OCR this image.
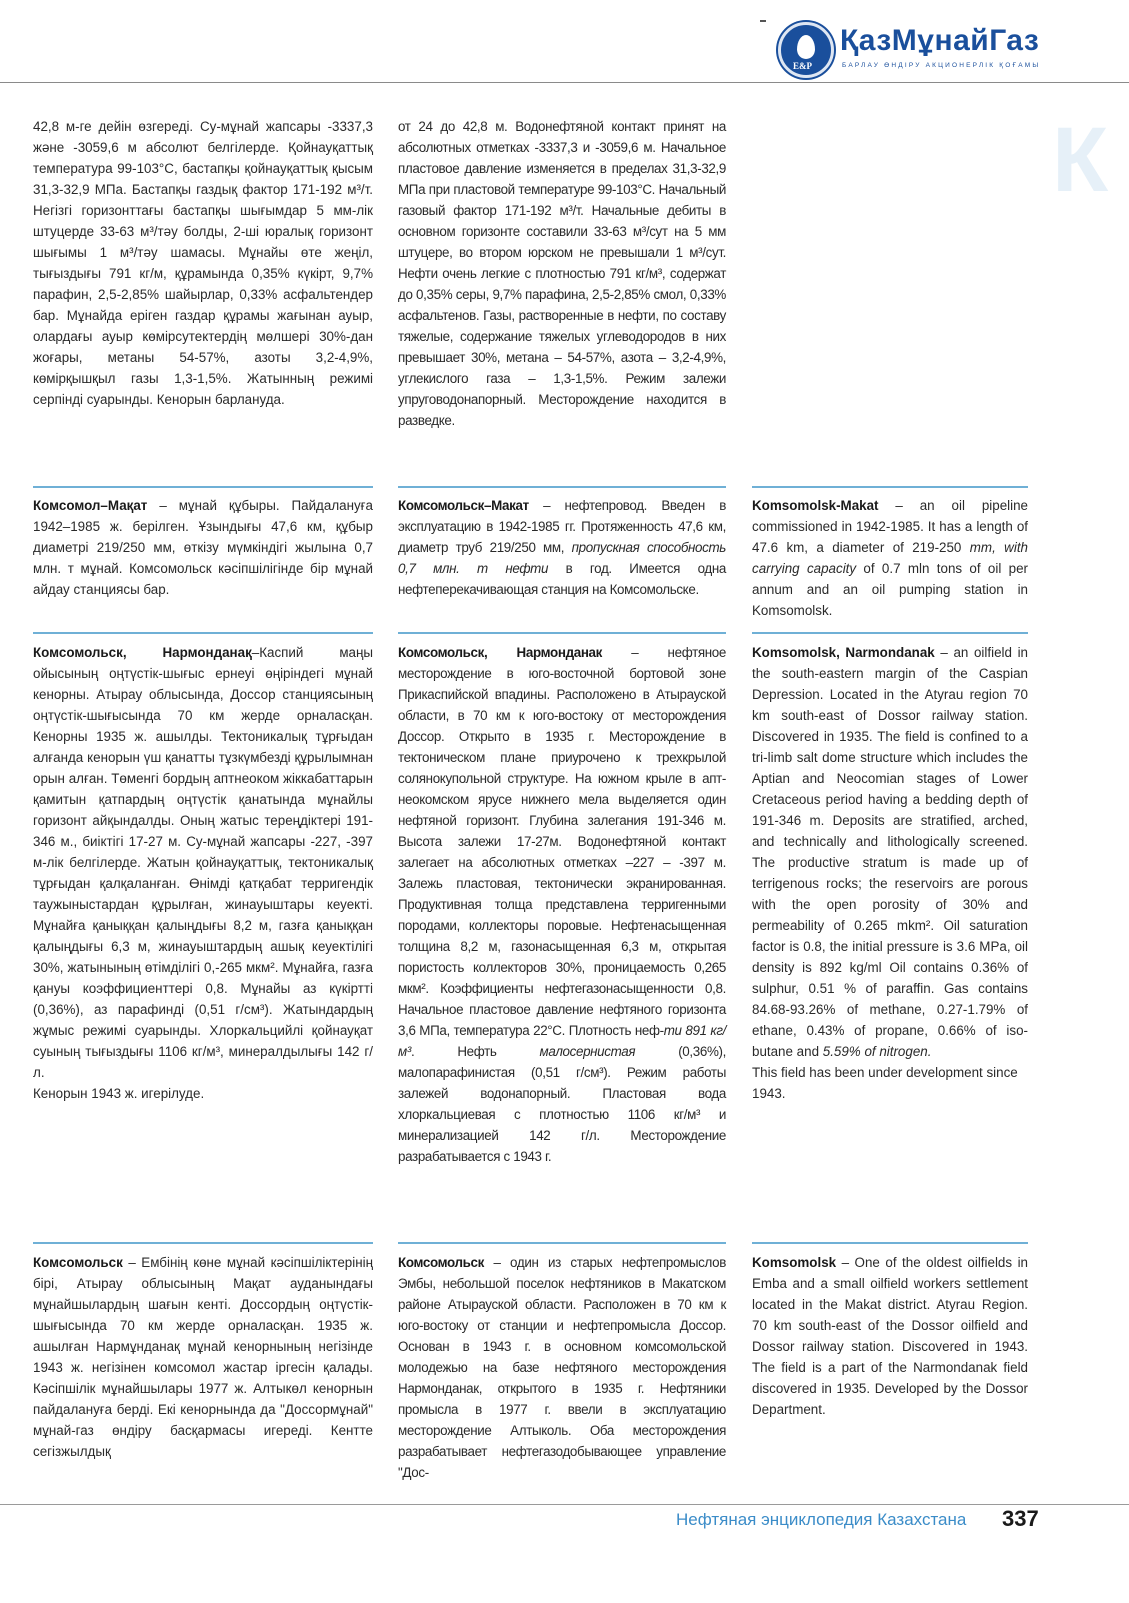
E&P
ҚазМұнайГаз
БАРЛАУ ӨНДІРУ АКЦИОНЕРЛІК ҚОҒАМЫ
К

42,8 м-ге дейін өзгереді. Су-мұнай жапсары -3337,3 және -3059,6 м абсолют белгілерде. Қойнауқаттық температура 99-103°С, бастапқы қойнауқаттық қысым 31,3-32,9 МПа. Бастапқы газдық фактор 171-192 м³/т. Негізгі горизонттағы бастапқы шығымдар 5 мм-лік штуцерде 33-63 м³/тәу болды, 2-ші юралық горизонт шығымы 1 м³/тәу шамасы. Мұнайы өте жеңіл, тығыздығы 791 кг/м, құрамында 0,35% күкірт, 9,7% парафин, 2,5-2,85% шайырлар, 0,33% асфальтендер бар. Мұнайда еріген газдар құрамы жағынан ауыр, олардағы ауыр көмірсутектердің мөлшері 30%-дан жоғары, метаны 54-57%, азоты 3,2-4,9%, көмірқышқыл газы 1,3-1,5%. Жатынның режимі серпінді суарынды. Кенорын барлануда.

от 24 до 42,8 м. Водонефтяной контакт принят на абсолютных отметках -3337,3 и -3059,6 м. Начальное пластовое давление изменяется в пределах 31,3-32,9 МПа при пластовой температуре 99-103°С. Начальный газовый фактор 171-192 м³/т. Начальные дебиты в основном горизонте составили 33-63 м³/сут на 5 мм штуцере, во втором юрском не превышали 1 м³/сут. Нефти очень легкие с плотностью 791 кг/м³, содержат до 0,35% серы, 9,7% парафина, 2,5-2,85% смол, 0,33% асфальтенов. Газы, растворенные в нефти, по составу тяжелые, содержание тяжелых углеводородов в них превышает 30%, метана – 54-57%, азота – 3,2-4,9%, углекислого газа – 1,3-1,5%. Режим залежи упруговодонапорный. Месторождение находится в разведке.

Комсомол–Мақат – мұнай құбыры. Пайдалануға 1942–1985 ж. берілген. Ұзындығы 47,6 км, құбыр диаметрі 219/250 мм, өткізу мүмкіндігі жылына 0,7 млн. т мұнай. Комсомольск кәсіпшілігінде бір мұнай айдау станциясы бар.

Комсомольск–Макат – нефтепровод. Введен в эксплуатацию в 1942-1985 гг. Протяженность 47,6 км, диаметр труб 219/250 мм, пропускная способность 0,7 млн. т нефти в год. Имеется одна нефтеперекачивающая станция на Комсомольске.

Komsomolsk-Makat – an oil pipeline commissioned in 1942-1985. It has a length of 47.6 km, a diameter of 219-250 mm, with carrying capacity of 0.7 mln tons of oil per annum and an oil pumping station in Komsomolsk.

Комсомольск, Нармонданақ–Каспий маңы ойысының оңтүстік-шығыс ернеуі өңіріндегі мұнай кенорны. Атырау облысында, Доссор станциясының оңтүстік-шығысында 70 км жерде орналасқан. Кенорны 1935 ж. ашылды. Тектоникалық тұрғыдан алғанда кенорын үш қанатты тұзкүмбезді құрылымнан орын алған. Төменгі бордың аптнеоком жіккабаттарын қамитын қатпардың оңтүстік қанатында мұнайлы горизонт айқындалды. Оның жатыс тереңдіктері 191-346 м., биіктігі 17-27 м. Су-мұнай жапсары -227, -397 м-лік белгілерде. Жатын қойнауқаттық, тектоникалық тұрғыдан қалқаланған. Өнімді қатқабат терригендік таужыныстардан құрылған, жинауыштары кеуекті. Мұнайға қаныққан қалыңдығы 8,2 м, газға қаныққан қалыңдығы 6,3 м, жинауыштардың ашық кеуектілігі 30%, жатынының өтімділігі 0,-265 мкм². Мұнайға, газға қануы коэффициенттері 0,8. Мұнайы аз күкіртті (0,36%), аз парафинді (0,51 г/см³). Жатындардың жұмыс режимі суарынды. Хлоркальцийлі қойнауқат суының тығыздығы 1106 кг/м³, минералдылығы 142 г/л.

Кенорын 1943 ж. игерілуде.

Комсомольск, Нармонданак – нефтяное месторождение в юго-восточной бортовой зоне Прикаспийской впадины. Расположено в Атырауской области, в 70 км к юго-востоку от месторождения Доссор. Открыто в 1935 г. Месторождение в тектоническом плане приурочено к трехкрылой солянокупольной структуре. На южном крыле в апт-неокомском ярусе нижнего мела выделяется один нефтяной горизонт. Глубина залегания 191-346 м. Высота залежи 17-27м. Водонефтяной контакт залегает на абсолютных отметках –227 – -397 м. Залежь пластовая, тектонически экранированная. Продуктивная толща представлена терригенными породами, коллекторы поровые. Нефтенасыщенная толщина 8,2 м, газонасыщенная 6,3 м, открытая пористость коллекторов 30%, проницаемость 0,265 мкм². Коэффициенты нефтегазонасыщенности 0,8. Начальное пластовое давление нефтяного горизонта 3,6 МПа, температура 22°С. Плотность неф-ти 891 кг/м³. Нефть малосернистая (0,36%), малопарафинистая (0,51 г/см³). Режим работы залежей водонапорный. Пластовая вода хлоркальциевая с плотностью 1106 кг/м³ и минерализацией 142 г/л. Месторождение разрабатывается с 1943 г.

Komsomolsk, Narmondanak – an oilfield in the south-eastern margin of the Caspian Depression. Located in the Atyrau region 70 km south-east of Dossor railway station. Discovered in 1935. The field is confined to a tri-limb salt dome structure which includes the Aptian and Neocomian stages of Lower Cretaceous period having a bedding depth of 191-346 m. Deposits are stratified, arched, and technically and lithologically screened. The productive stratum is made up of terrigenous rocks; the reservoirs are porous with the open porosity of 30% and permeability of 0.265 mkm². Oil saturation factor is 0.8, the initial pressure is 3.6 MPa, oil density is 892 kg/ml Oil contains 0.36% of sulphur, 0.51 % of paraffin. Gas contains 84.68-93.26% of methane, 0.27-1.79% of ethane, 0.43% of propane, 0.66% of iso-butane and 5.59% of nitrogen.

This field has been under development since 1943.

Комсомольск – Ембінің көне мұнай кәсіпшіліктерінің бірі, Атырау облысының Мақат ауданындағы мұнайшылардың шағын кенті. Доссордың оңтүстік-шығысында 70 км жерде орналасқан. 1935 ж. ашылған Нармұнданақ мұнай кенорнының негізінде 1943 ж. негізінен комсомол жастар іргесін қалады. Кәсіпшілік мұнайшылары 1977 ж. Алтыкөл кенорнын пайдалануға берді. Екі кенорнында да "Доссормұнай" мұнай-газ өндіру басқармасы игереді. Кентте сегізжылдық

Комсомольск – один из старых нефтепромыслов Эмбы, небольшой поселок нефтяников в Макатском районе Атырауской области. Расположен в 70 км к юго-востоку от станции и нефтепромысла Доссор. Основан в 1943 г. в основном комсомольской молодежью на базе нефтяного месторождения Нармонданак, открытого в 1935 г. Нефтяники промысла в 1977 г. ввели в эксплуатацию месторождение Алтыколь. Оба месторождения разрабатывает нефтегазодобывающее управление "Дос-

Komsomolsk – One of the oldest oilfields in Emba and a small oilfield workers settlement located in the Makat district. Atyrau Region. 70 km south-east of the Dossor oilfield and Dossor railway station. Discovered in 1943. The field is a part of the Narmondanak field discovered in 1935. Developed by the Dossor Department.

Нефтяная энциклопедия Казахстана 337
